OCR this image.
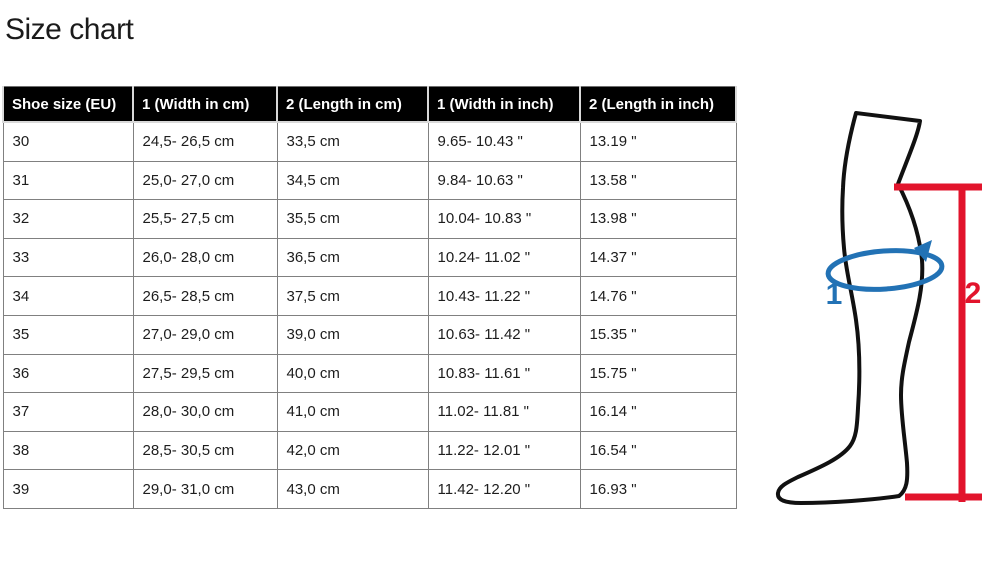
Size chart
Shoe size (EU)	1 (Width in cm)	2 (Length in cm)	1 (Width in inch)	2 (Length in inch)
30	24,5- 26,5 cm	33,5 cm	9.65- 10.43 "	13.19 "
31	25,0- 27,0 cm	34,5 cm	9.84- 10.63 "	13.58 "
32	25,5- 27,5 cm	35,5 cm	10.04- 10.83 "	13.98 "
33	26,0- 28,0 cm	36,5 cm	10.24- 11.02 "	14.37 "
34	26,5- 28,5 cm	37,5 cm	10.43- 11.22 "	14.76 "
35	27,0- 29,0 cm	39,0 cm	10.63- 11.42 "	15.35 "
36	27,5- 29,5 cm	40,0 cm	10.83- 11.61 "	15.75 "
37	28,0- 30,0 cm	41,0 cm	11.02- 11.81 "	16.14 "
38	28,5- 30,5 cm	42,0 cm	11.22- 12.01 "	16.54 "
39	29,0- 31,0 cm	43,0 cm	11.42- 12.20 "	16.93 "
1	2
